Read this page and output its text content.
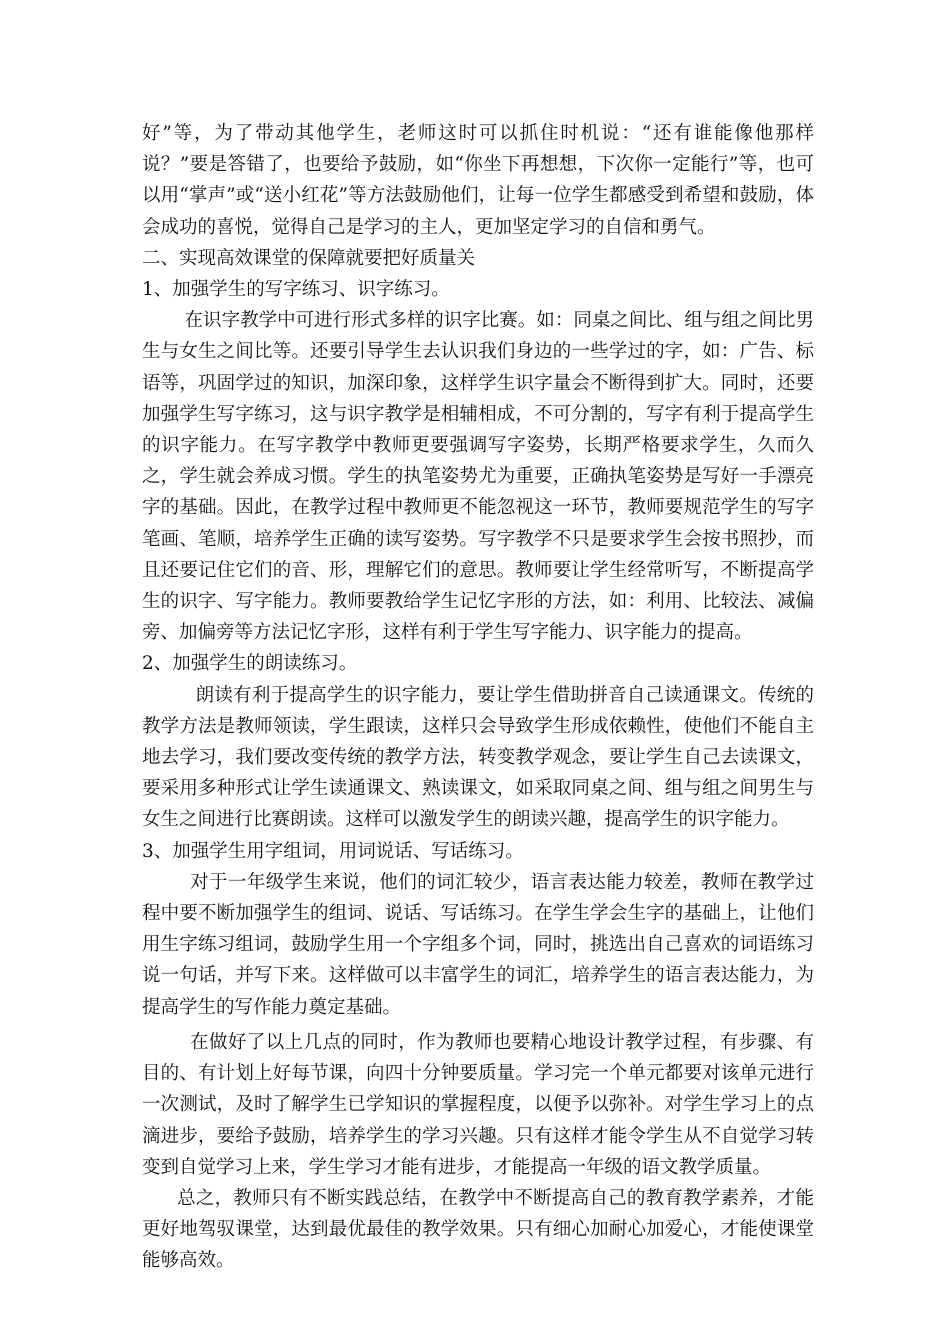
好”等，为了带动其他学生，老师这时可以抓住时机说：“还有谁能像他那样说？”要是答错了，也要给予鼓励，如“你坐下再想想，下次你一定能行”等，也可以用“掌声”或“送小红花”等方法鼓励他们，让每一位学生都感受到希望和鼓励，体会成功的喜悦，觉得自己是学习的主人，更加坚定学习的自信和勇气。

二、实现高效课堂的保障就要把好质量关

1、加强学生的写字练习、识字练习。

在识字教学中可进行形式多样的识字比赛。如：同桌之间比、组与组之间比男生与女生之间比等。还要引导学生去认识我们身边的一些学过的字，如：广告、标语等，巩固学过的知识，加深印象，这样学生识字量会不断得到扩大。同时，还要加强学生写字练习，这与识字教学是相辅相成，不可分割的，写字有利于提高学生的识字能力。在写字教学中教师更要强调写字姿势，长期严格要求学生，久而久之，学生就会养成习惯。学生的执笔姿势尤为重要，正确执笔姿势是写好一手漂亮字的基础。因此，在教学过程中教师更不能忽视这一环节，教师要规范学生的写字笔画、笔顺，培养学生正确的读写姿势。写字教学不只是要求学生会按书照抄，而且还要记住它们的音、形，理解它们的意思。教师要让学生经常听写，不断提高学生的识字、写字能力。教师要教给学生记忆字形的方法，如：利用、比较法、减偏旁、加偏旁等方法记忆字形，这样有利于学生写字能力、识字能力的提高。

2、加强学生的朗读练习。

朗读有利于提高学生的识字能力，要让学生借助拼音自己读通课文。传统的教学方法是教师领读，学生跟读，这样只会导致学生形成依赖性，使他们不能自主地去学习，我们要改变传统的教学方法，转变教学观念，要让学生自己去读课文，要采用多种形式让学生读通课文、熟读课文，如采取同桌之间、组与组之间男生与女生之间进行比赛朗读。这样可以激发学生的朗读兴趣，提高学生的识字能力。

3、加强学生用字组词，用词说话、写话练习。

对于一年级学生来说，他们的词汇较少，语言表达能力较差，教师在教学过程中要不断加强学生的组词、说话、写话练习。在学生学会生字的基础上，让他们用生字练习组词，鼓励学生用一个字组多个词，同时，挑选出自己喜欢的词语练习说一句话，并写下来。这样做可以丰富学生的词汇，培养学生的语言表达能力，为提高学生的写作能力奠定基础。

在做好了以上几点的同时，作为教师也要精心地设计教学过程，有步骤、有目的、有计划上好每节课，向四十分钟要质量。学习完一个单元都要对该单元进行一次测试，及时了解学生已学知识的掌握程度，以便予以弥补。对学生学习上的点滴进步，要给予鼓励，培养学生的学习兴趣。只有这样才能令学生从不自觉学习转变到自觉学习上来，学生学习才能有进步，才能提高一年级的语文教学质量。

总之，教师只有不断实践总结，在教学中不断提高自己的教育教学素养，才能更好地驾驭课堂，达到最优最佳的教学效果。只有细心加耐心加爱心，才能使课堂能够高效。
